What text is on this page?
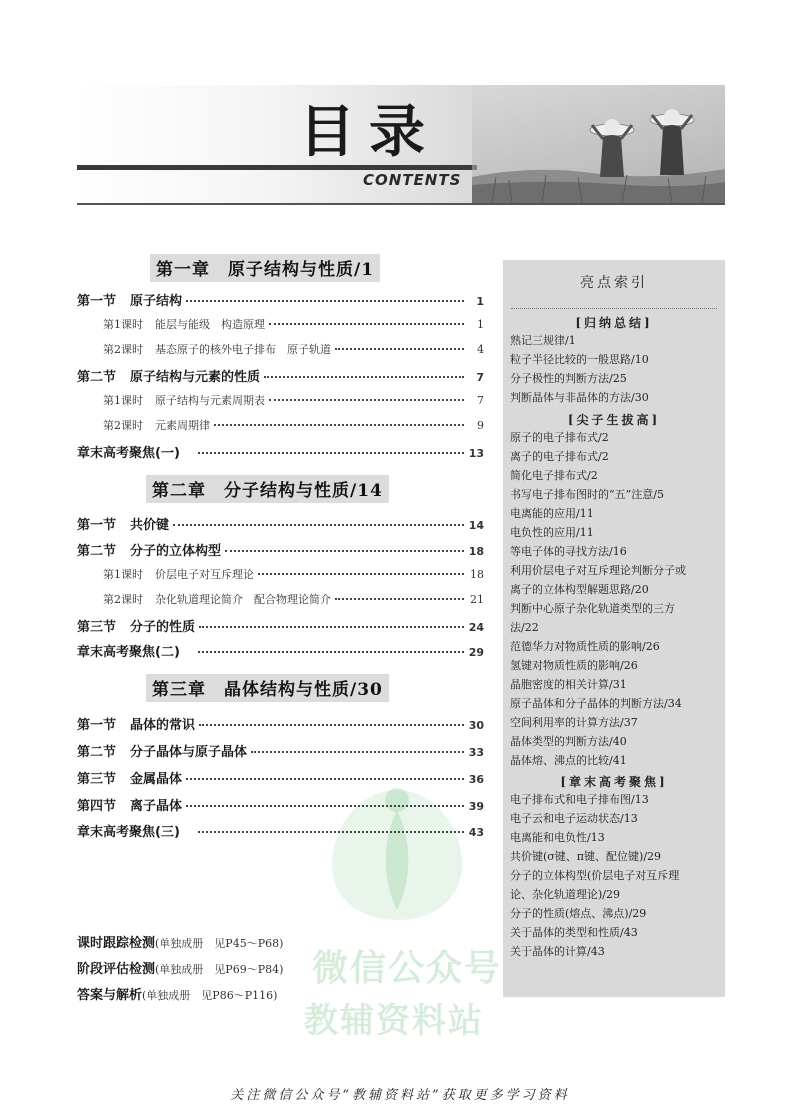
目录
CONTENTS
微信公众号
教辅资料站
第一章　原子结构与性质/1
第一节 原子结构	1
第1课时 能层与能级　构造原理	1
第2课时 基态原子的核外电子排布　原子轨道	4
第二节 原子结构与元素的性质	7
第1课时 原子结构与元素周期表	7
第2课时 元素周期律	9
章末高考聚焦(一)	13
第二章　分子结构与性质/14
第一节 共价键	14
第二节 分子的立体构型	18
第1课时 价层电子对互斥理论	18
第2课时 杂化轨道理论简介　配合物理论简介	21
第三节 分子的性质	24
章末高考聚焦(二)	29
第三章　晶体结构与性质/30
第一节 晶体的常识	30
第二节 分子晶体与原子晶体	33
第三节 金属晶体	36
第四节 离子晶体	39
章末高考聚焦(三)	43
课时跟踪检测(单独成册　见P45～P68)
阶段评估检测(单独成册　见P69～P84)
答案与解析(单独成册　见P86～P116)
亮点索引
[归纳总结]
熟记三规律/1
粒子半径比较的一般思路/10
分子极性的判断方法/25
判断晶体与非晶体的方法/30
[尖子生拔高]
原子的电子排布式/2
离子的电子排布式/2
简化电子排布式/2
书写电子排布图时的“五”注意/5
电离能的应用/11
电负性的应用/11
等电子体的寻找方法/16
利用价层电子对互斥理论判断分子或
离子的立体构型解题思路/20
判断中心原子杂化轨道类型的三方
法/22
范德华力对物质性质的影响/26
氢键对物质性质的影响/26
晶胞密度的相关计算/31
原子晶体和分子晶体的判断方法/34
空间利用率的计算方法/37
晶体类型的判断方法/40
晶体熔、沸点的比较/41
[章末高考聚焦]
电子排布式和电子排布图/13
电子云和电子运动状态/13
电离能和电负性/13
共价键(σ键、π键、配位键)/29
分子的立体构型(价层电子对互斥理
论、杂化轨道理论)/29
分子的性质(熔点、沸点)/29
关于晶体的类型和性质/43
关于晶体的计算/43
关注微信公众号“教辅资料站”获取更多学习资料
